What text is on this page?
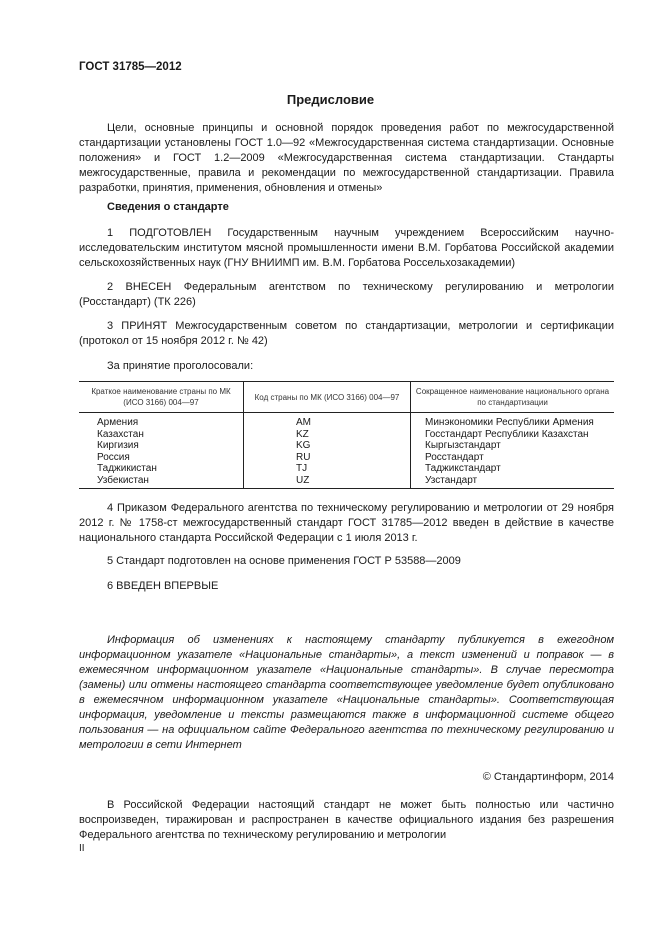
ГОСТ 31785—2012
Предисловие
Цели, основные принципы и основной порядок проведения работ по межгосударственной стандартизации установлены ГОСТ 1.0—92 «Межгосударственная система стандартизации. Основные положения» и ГОСТ 1.2—2009 «Межгосударственная система стандартизации. Стандарты межгосударственные, правила и рекомендации по межгосударственной стандартизации. Правила разработки, принятия, применения, обновления и отмены»
Сведения о стандарте
1 ПОДГОТОВЛЕН Государственным научным учреждением Всероссийским научно-исследовательским институтом мясной промышленности имени В.М. Горбатова Российской академии сельскохозяйственных наук (ГНУ ВНИИМП им. В.М. Горбатова Россельхозакадемии)
2 ВНЕСЕН Федеральным агентством по техническому регулированию и метрологии (Росстандарт) (ТК 226)
3 ПРИНЯТ Межгосударственным советом по стандартизации, метрологии и сертификации (протокол от 15 ноября 2012 г. № 42)
За принятие проголосовали:
Краткое наименование страны по МК (ИСО 3166) 004—97	Код страны по МК (ИСО 3166) 004—97	Сокращенное наименование национального органа по стандартизации
Армения	AM	Минэкономики Республики Армения
Казахстан	KZ	Госстандарт Республики Казахстан
Киргизия	KG	Кыргызстандарт
Россия	RU	Росстандарт
Таджикистан	TJ	Таджикстандарт
Узбекистан	UZ	Узстандарт
4 Приказом Федерального агентства по техническому регулированию и метрологии от 29 ноября 2012 г. № 1758-ст межгосударственный стандарт ГОСТ 31785—2012 введен в действие в качестве национального стандарта Российской Федерации с 1 июля 2013 г.
5 Стандарт подготовлен на основе применения ГОСТ Р 53588—2009
6 ВВЕДЕН ВПЕРВЫЕ
Информация об изменениях к настоящему стандарту публикуется в ежегодном информационном указателе «Национальные стандарты», а текст изменений и поправок — в ежемесячном информационном указателе «Национальные стандарты». В случае пересмотра (замены) или отмены настоящего стандарта соответствующее уведомление будет опубликовано в ежемесячном информационном указателе «Национальные стандарты». Соответствующая информация, уведомление и тексты размещаются также в информационной системе общего пользования — на официальном сайте Федерального агентства по техническому регулированию и метрологии в сети Интернет
© Стандартинформ, 2014
В Российской Федерации настоящий стандарт не может быть полностью или частично воспроизведен, тиражирован и распространен в качестве официального издания без разрешения Федерального агентства по техническому регулированию и метрологии
II
